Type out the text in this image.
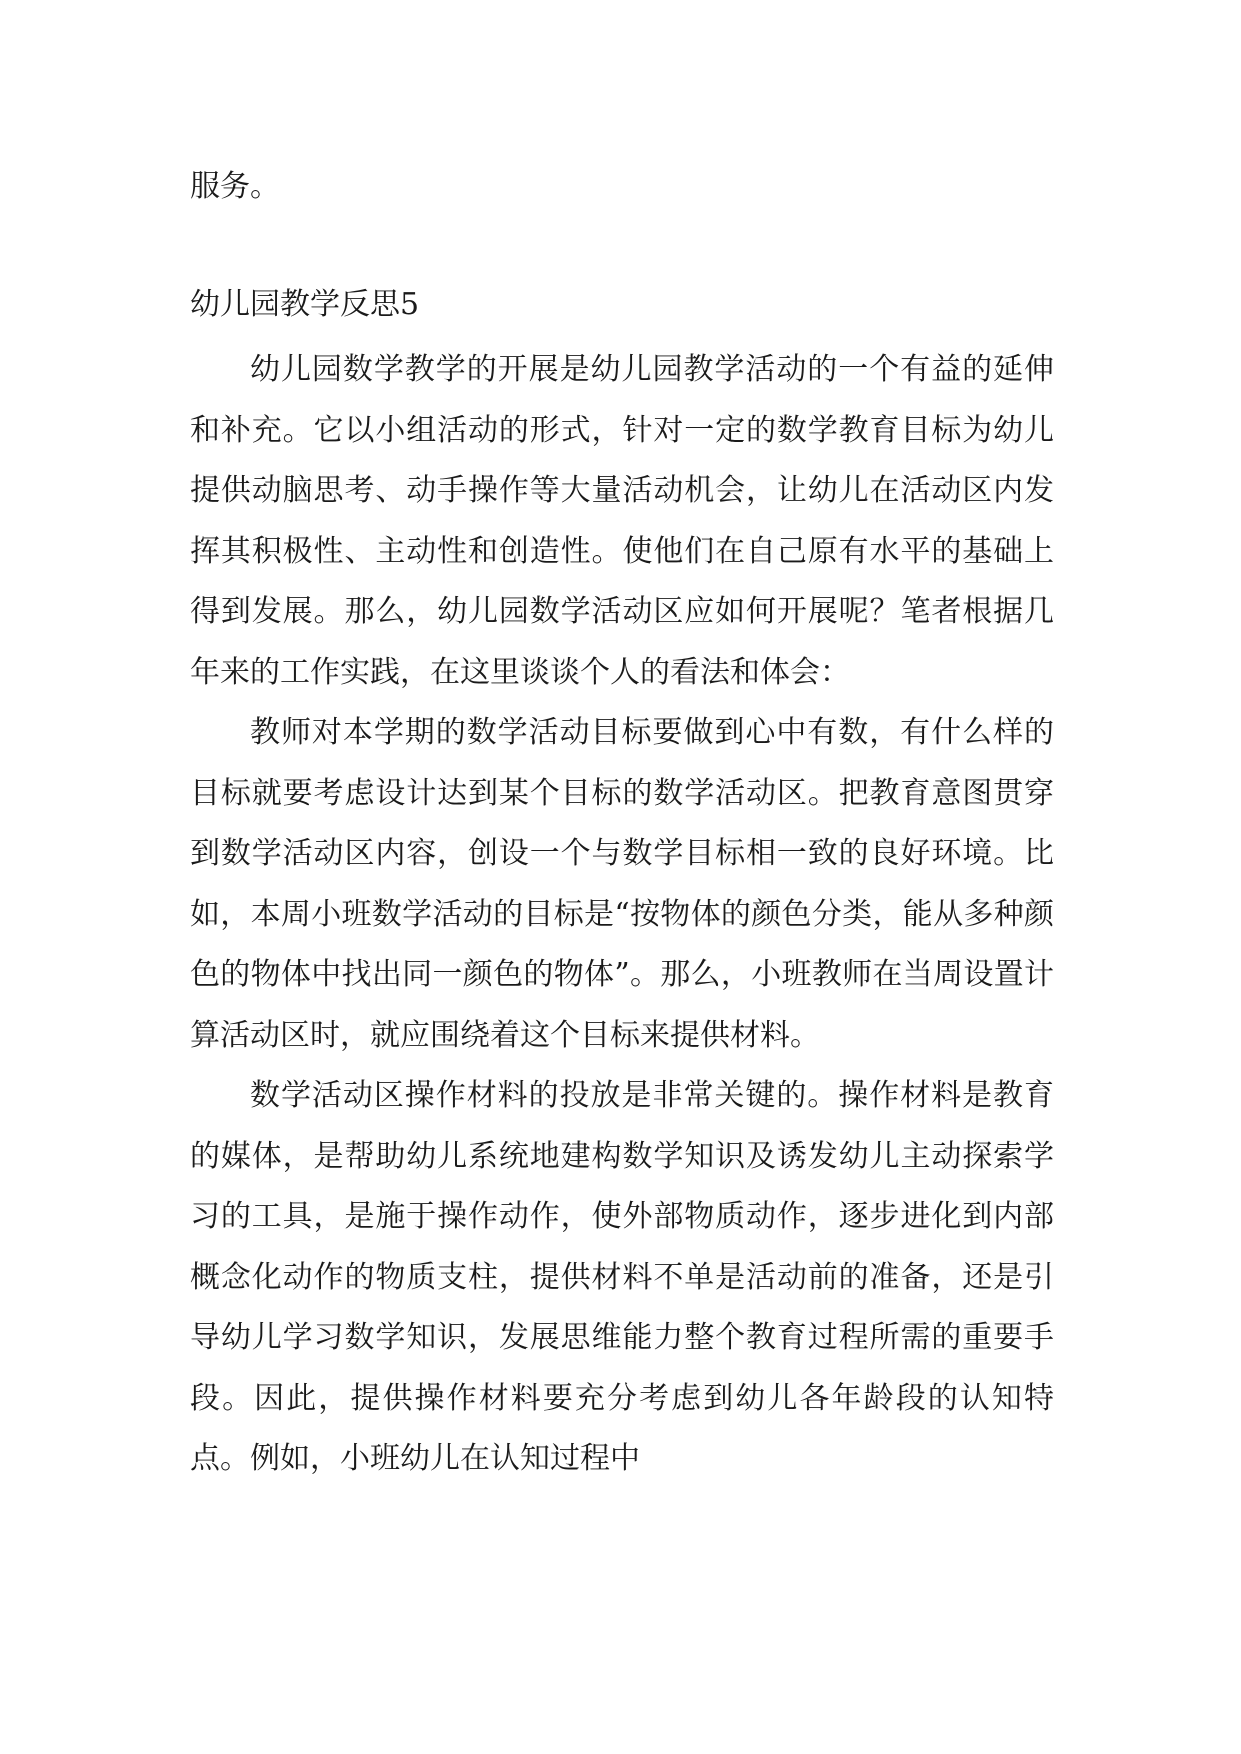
服务。

幼儿园教学反思5

幼儿园数学教学的开展是幼儿园教学活动的一个有益的延伸和补充。它以小组活动的形式，针对一定的数学教育目标为幼儿提供动脑思考、动手操作等大量活动机会，让幼儿在活动区内发挥其积极性、主动性和创造性。使他们在自己原有水平的基础上得到发展。那么，幼儿园数学活动区应如何开展呢？笔者根据几年来的工作实践，在这里谈谈个人的看法和体会：

教师对本学期的数学活动目标要做到心中有数，有什么样的目标就要考虑设计达到某个目标的数学活动区。把教育意图贯穿到数学活动区内容，创设一个与数学目标相一致的良好环境。比如，本周小班数学活动的目标是“按物体的颜色分类，能从多种颜色的物体中找出同一颜色的物体”。那么，小班教师在当周设置计算活动区时，就应围绕着这个目标来提供材料。

数学活动区操作材料的投放是非常关键的。操作材料是教育的媒体，是帮助幼儿系统地建构数学知识及诱发幼儿主动探索学习的工具，是施于操作动作，使外部物质动作，逐步进化到内部概念化动作的物质支柱，提供材料不单是活动前的准备，还是引导幼儿学习数学知识，发展思维能力整个教育过程所需的重要手段。因此，提供操作材料要充分考虑到幼儿各年龄段的认知特点。例如，小班幼儿在认知过程中
